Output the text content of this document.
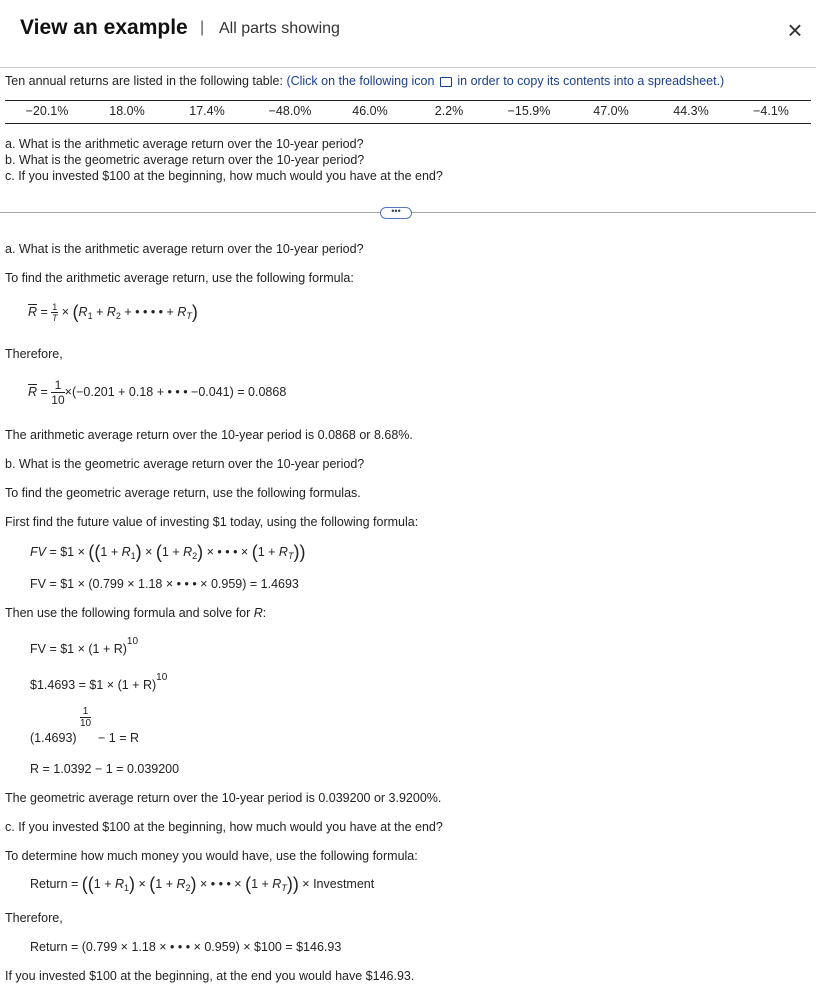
View an example | All parts showing	×
Ten annual returns are listed in the following table: (Click on the following icon in order to copy its contents into a spreadsheet.)
−20.1%	18.0%	17.4%	−48.0%	46.0%	2.2%	−15.9%	47.0%	44.3%	−4.1%
a. What is the arithmetic average return over the 10-year period?
b. What is the geometric average return over the 10-year period?
c. If you invested $100 at the beginning, how much would you have at the end?
•••
a. What is the arithmetic average return over the 10-year period?
To find the arithmetic average return, use the following formula:
$\overline{R} = \frac{1}{T} \times (R_1 + R_2$ + • • • • + $R_T$)
Therefore,
$\overline{R} = \frac{1}{10} \times(-0.201 + 0.18$ + • • • −0.041) = 0.0868
The arithmetic average return over the 10-year period is 0.0868 or 8.68%.
b. What is the geometric average return over the 10-year period?
To find the geometric average return, use the following formulas.
First find the future value of investing $1 today, using the following formula:
FV = $1 × ($(1 + R_1) \times (1 + R_2)$ × • • • × $(1 + R_T)$)
FV = $1 × (0.799 × 1.18 × • • • × 0.959) = 1.4693
Then use the following formula and solve for R:
FV = $1 × $(1 + R)^{10}$
$1.4693 = $1 × $(1 + R)^{10}$
(1.4693)
$\frac{1}{10}$
− 1 = R
R = 1.0392 − 1 = 0.039200
The geometric average return over the 10-year period is 0.039200 or 3.9200%.
c. If you invested $100 at the beginning, how much would you have at the end?
To determine how much money you would have, use the following formula:
Return = ($(1 + R_1) \times (1 + R_2)$ × • • • × $(1 + R_T)$) × Investment
Therefore,
Return = (0.799 × 1.18 × • • • × 0.959) × $100 = $146.93
If you invested $100 at the beginning, at the end you would have $146.93.
